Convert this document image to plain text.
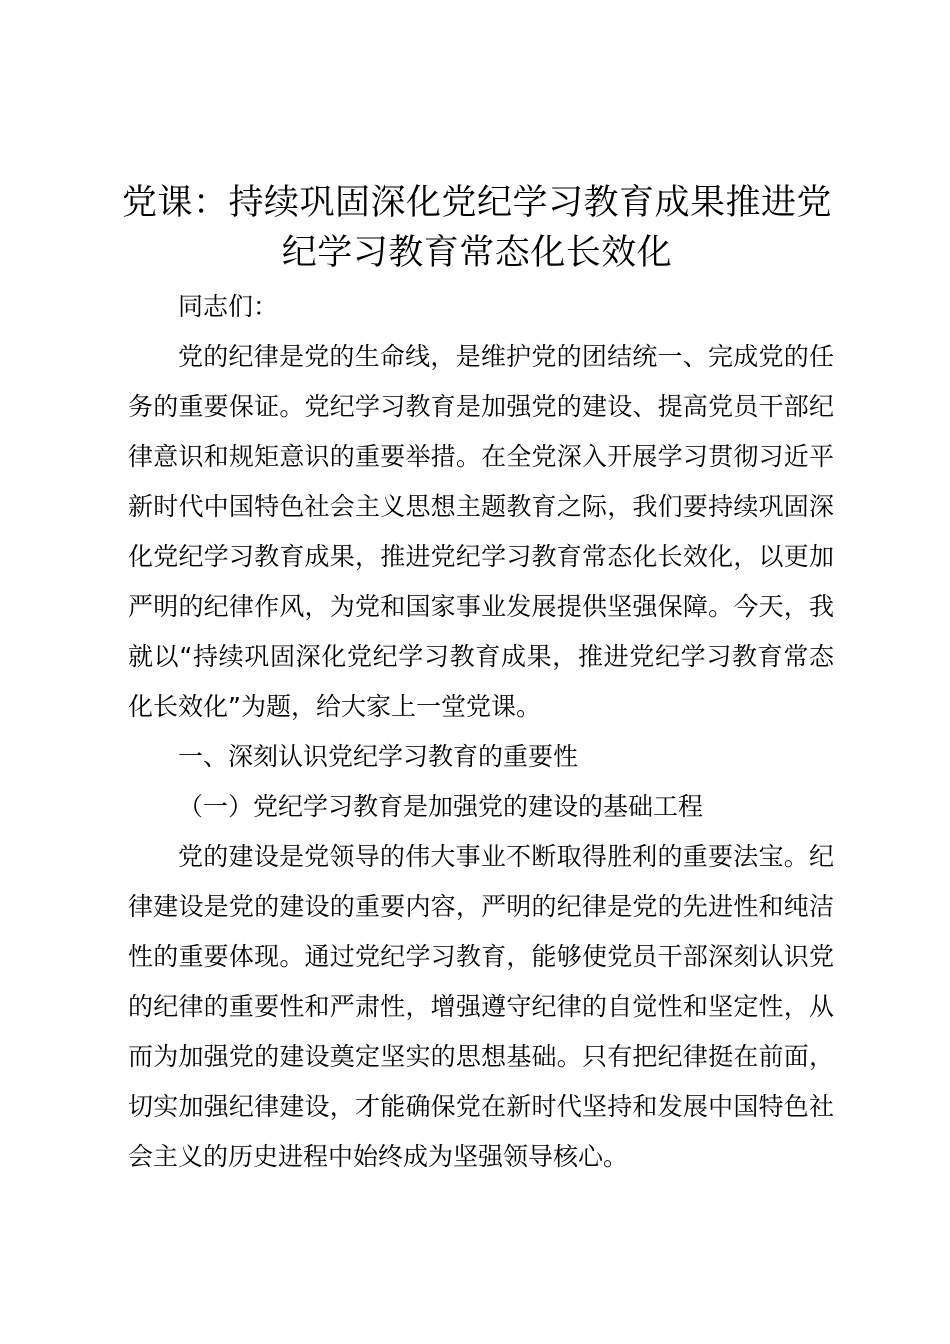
党课：持续巩固深化党纪学习教育成果推进党纪学习教育常态化长效化

同志们：

党的纪律是党的生命线，是维护党的团结统一、完成党的任务的重要保证。党纪学习教育是加强党的建设、提高党员干部纪律意识和规矩意识的重要举措。在全党深入开展学习贯彻习近平新时代中国特色社会主义思想主题教育之际，我们要持续巩固深化党纪学习教育成果，推进党纪学习教育常态化长效化，以更加严明的纪律作风，为党和国家事业发展提供坚强保障。今天，我就以“持续巩固深化党纪学习教育成果，推进党纪学习教育常态化长效化”为题，给大家上一堂党课。

一、深刻认识党纪学习教育的重要性

（一）党纪学习教育是加强党的建设的基础工程

党的建设是党领导的伟大事业不断取得胜利的重要法宝。纪律建设是党的建设的重要内容，严明的纪律是党的先进性和纯洁性的重要体现。通过党纪学习教育，能够使党员干部深刻认识党的纪律的重要性和严肃性，增强遵守纪律的自觉性和坚定性，从而为加强党的建设奠定坚实的思想基础。只有把纪律挺在前面，切实加强纪律建设，才能确保党在新时代坚持和发展中国特色社会主义的历史进程中始终成为坚强领导核心。
